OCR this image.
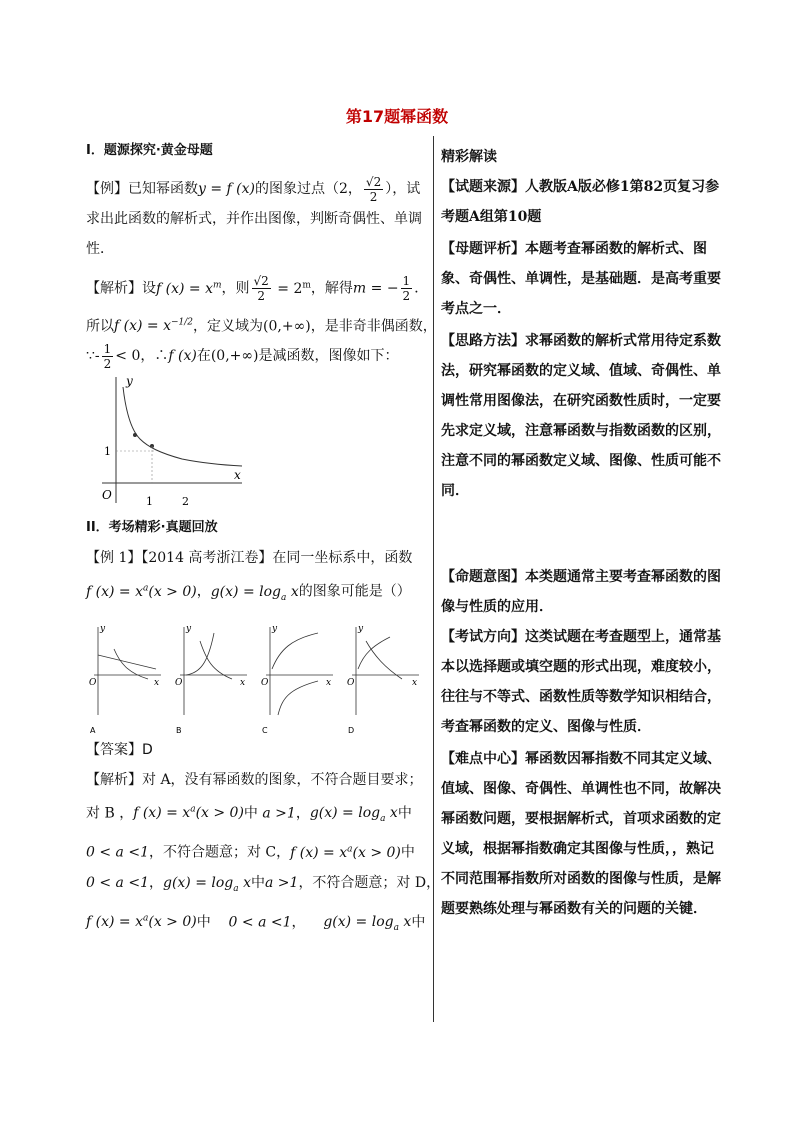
第17题幂函数
I．题源探究·黄金母题
【例】已知幂函数y = f (x)的图象过点（2， $\frac{√2}{2}$ ），试
求出此函数的解析式，并作出图像，判断奇偶性、单调
性．
【解析】设f $(x) = x^m$，则 $\frac{√2}{2} = 2^m$，解得m = − $\frac{1}{2}$ ．
所以f $(x) = x^{-1/2}$，定义域为(0,+∞)，是非奇非偶函数，
∵- $\frac{1}{2} < 0$，∴f (x)在(0,+∞)是减函数，图像如下：
y
x
O
1
1	2
II．考场精彩·真题回放
【例 1】【2014 高考浙江卷】在同一坐标系中，函数
f $(x) = x^a(x > 0)$，$g(x) = \log_a x$的图象可能是（）
O	x
y
A
O	x
y
B
O	x
y
C
O	x
y
D
【答案】D
【解析】对 A，没有幂函数的图象，不符合题目要求；
对 B ，f $(x) = x^a(x > 0)$中 a >1，$g(x) = \log_a x$中
0 < a <1，不符合题意；对 C，f $(x) = x^a(x > 0)$中
0 < a <1，$g(x) = \log_a x$中a >1，不符合题意；对 D，
f $(x) = x^a(x > 0)$中 0 < a <1，    $g(x) = \log_a x$中
精彩解读
【试题来源】人教版A版必修1第82页复习参考题A组第10题
【母题评析】本题考查幂函数的解析式、图象、奇偶性、单调性，是基础题．是高考重要考点之一．
【思路方法】求幂函数的解析式常用待定系数法，研究幂函数的定义域、值域、奇偶性、单调性常用图像法，在研究函数性质时，一定要先求定义域，注意幂函数与指数函数的区别，注意不同的幂函数定义域、图像、性质可能不同．
【命题意图】本类题通常主要考查幂函数的图像与性质的应用．
【考试方向】这类试题在考查题型上，通常基本以选择题或填空题的形式出现，难度较小，往往与不等式、函数性质等数学知识相结合，考查幂函数的定义、图像与性质．
【难点中心】幂函数因幂指数不同其定义域、值域、图像、奇偶性、单调性也不同，故解决幂函数问题，要根据解析式，首项求函数的定义域，根据幂指数确定其图像与性质，，熟记不同范围幂指数所对函数的图像与性质，是解题要熟练处理与幂函数有关的问题的关键．
